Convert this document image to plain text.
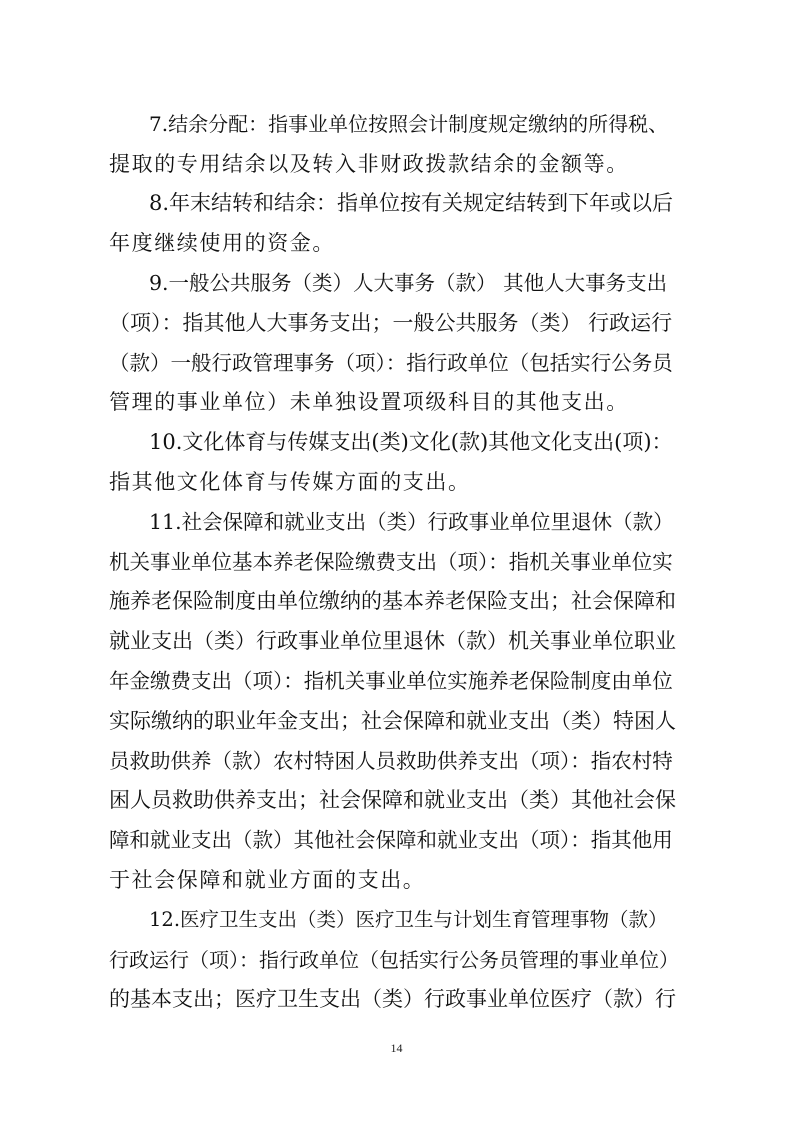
7.结余分配：指事业单位按照会计制度规定缴纳的所得税、
提取的专用结余以及转入非财政拨款结余的金额等。
8.年末结转和结余：指单位按有关规定结转到下年或以后
年度继续使用的资金。
9.一般公共服务（类）人大事务（款） 其他人大事务支出
（项）：指其他人大事务支出；一般公共服务（类） 行政运行
（款）一般行政管理事务（项）：指行政单位（包括实行公务员
管理的事业单位）未单独设置项级科目的其他支出。
10.文化体育与传媒支出(类)文化(款)其他文化支出(项)：
指其他文化体育与传媒方面的支出。
11.社会保障和就业支出（类）行政事业单位里退休（款）
机关事业单位基本养老保险缴费支出（项）：指机关事业单位实
施养老保险制度由单位缴纳的基本养老保险支出；社会保障和
就业支出（类）行政事业单位里退休（款）机关事业单位职业
年金缴费支出（项）：指机关事业单位实施养老保险制度由单位
实际缴纳的职业年金支出；社会保障和就业支出（类）特困人
员救助供养（款）农村特困人员救助供养支出（项）：指农村特
困人员救助供养支出；社会保障和就业支出（类）其他社会保
障和就业支出（款）其他社会保障和就业支出（项）：指其他用
于社会保障和就业方面的支出。
12.医疗卫生支出（类）医疗卫生与计划生育管理事物（款）
行政运行（项）：指行政单位（包括实行公务员管理的事业单位）
的基本支出；医疗卫生支出（类）行政事业单位医疗（款）行
14
